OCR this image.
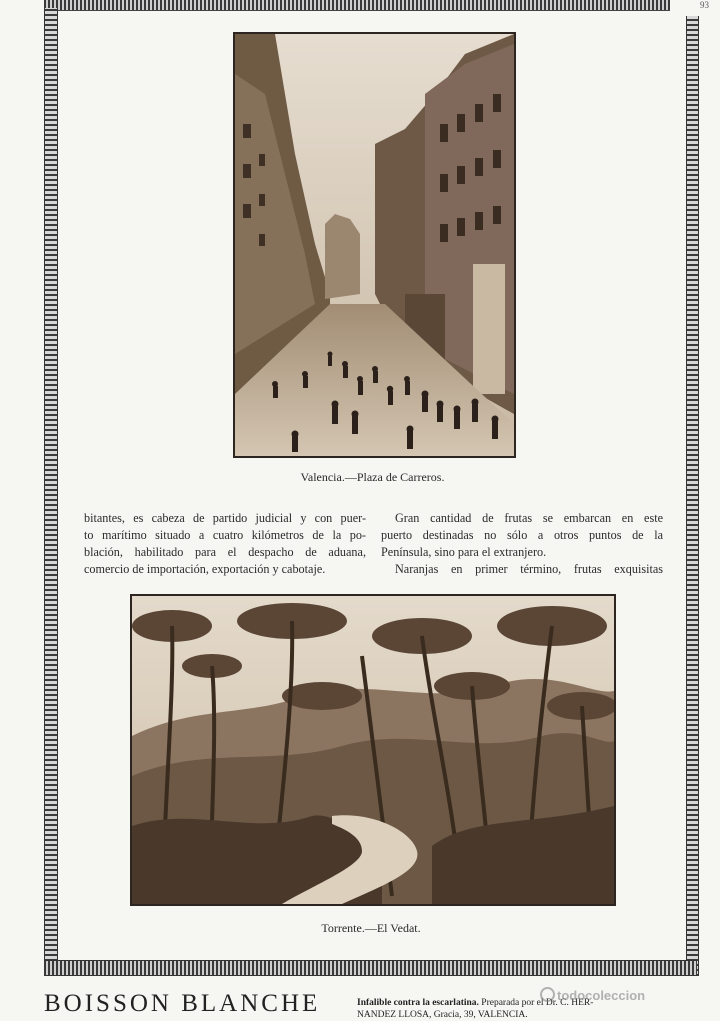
93
Valencia.—Plaza de Carreros.

bitantes, es cabeza de partido judicial y con puer-

to marítimo situado a cuatro kilómetros de la po-

blación, habilitado para el despacho de aduana,

comercio de importación, exportación y cabotaje.

Gran cantidad de frutas se embarcan en este

puerto destinadas no sólo a otros puntos de la

Península, sino para el extranjero.

Naranjas en primer término, frutas exquisitas

Torrente.—El Vedat.
BOISSON BLANCHE	Infalible contra la escarlatina. Preparada por el Dr. C. HER-
NANDEZ LLOSA, Gracia, 39, VALENCIA.
todocoleccion
